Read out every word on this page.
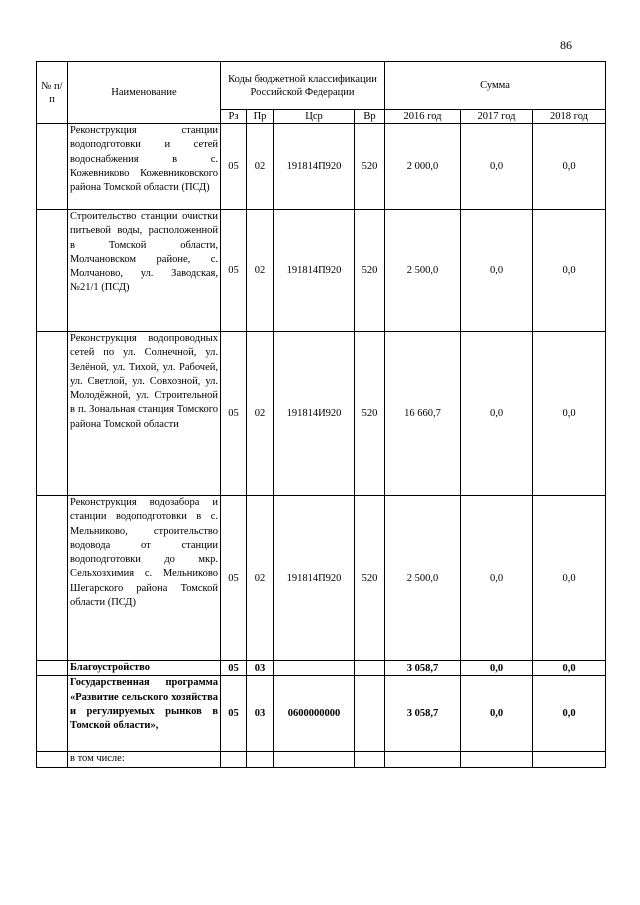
86
№ п/п	Наименование	Коды бюджетной классификации Российской Федерации				Сумма		
		Рз	Пр	Цср	Вр	2016 год	2017 год	2018 год
	Реконструкция станции водоподготовки и сетей водоснабжения в с. Кожевниково Кожевниковского района Томской области (ПСД)	05	02	191814П920	520	2 000,0	0,0	0,0
	Строительство станции очистки питьевой воды, расположенной в Томской области, Молчановском районе, с. Молчаново, ул. Заводская, №21/1 (ПСД)	05	02	191814П920	520	2 500,0	0,0	0,0
	Реконструкция водопроводных сетей по ул. Солнечной, ул. Зелёной, ул. Тихой, ул. Рабочей, ул. Светлой, ул. Совхозной, ул. Молодёжной, ул. Строительной в п. Зональная станция Томского района Томской области	05	02	191814И920	520	16 660,7	0,0	0,0
	Реконструкция водозабора и станции водоподготовки в с. Мельниково, строительство водовода от станции водоподготовки до мкр. Сельхозхимия с. Мельниково Шегарского района Томской области (ПСД)	05	02	191814П920	520	2 500,0	0,0	0,0
	Благоустройство	05	03			3 058,7	0,0	0,0
	Государственная программа «Развитие сельского хозяйства и регулируемых рынков в Томской области»,	05	03	0600000000		3 058,7	0,0	0,0
	в том числе:							
